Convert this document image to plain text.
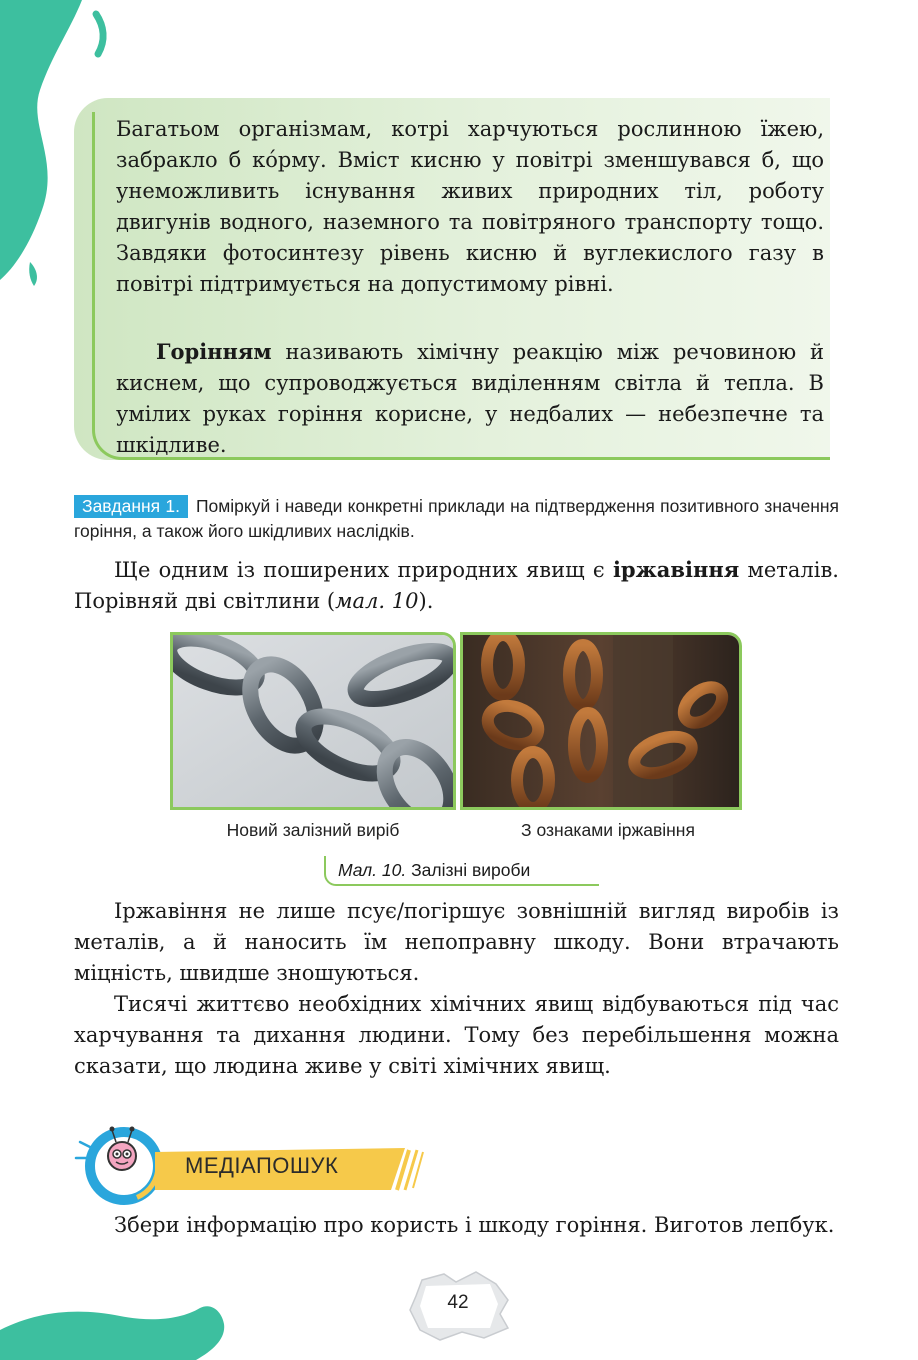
Багатьом організмам, котрі харчуються рослинною їжею, забракло б ко́рму. Вміст кисню у повітрі зменшувався б, що унеможливить існування живих природних тіл, роботу двигунів водного, наземного та повітряного транспорту тощо. Завдяки фотосинтезу рівень кисню й вуглекислого газу в повітрі підтримується на допустимому рівні.

Горінням називають хімічну реакцію між речовиною й киснем, що супроводжується виділенням світла й тепла. В умілих руках горіння корисне, у недбалих — небезпечне та шкідливе.

Завдання 1. Поміркуй і наведи конкретні приклади на підтвердження позитивного значення горіння, а також його шкідливих наслідків.

Ще одним із поширених природних явищ є іржавіння металів. Порівняй дві світлини (мал. 10).

Новий залізний виріб	З ознаками іржавіння

Мал. 10. Залізні вироби

Іржавіння не лише псує/погіршує зовнішній вигляд виробів із металів, а й наносить їм непоправну шкоду. Вони втрачають міцність, швидше зношуються.

Тисячі життєво необхідних хімічних явищ відбуваються під час харчування та дихання людини. Тому без перебільшення можна сказати, що людина живе у світі хімічних явищ.

МЕДІАПОШУК

Збери інформацію про користь і шкоду горіння. Виготов лепбук.

42
